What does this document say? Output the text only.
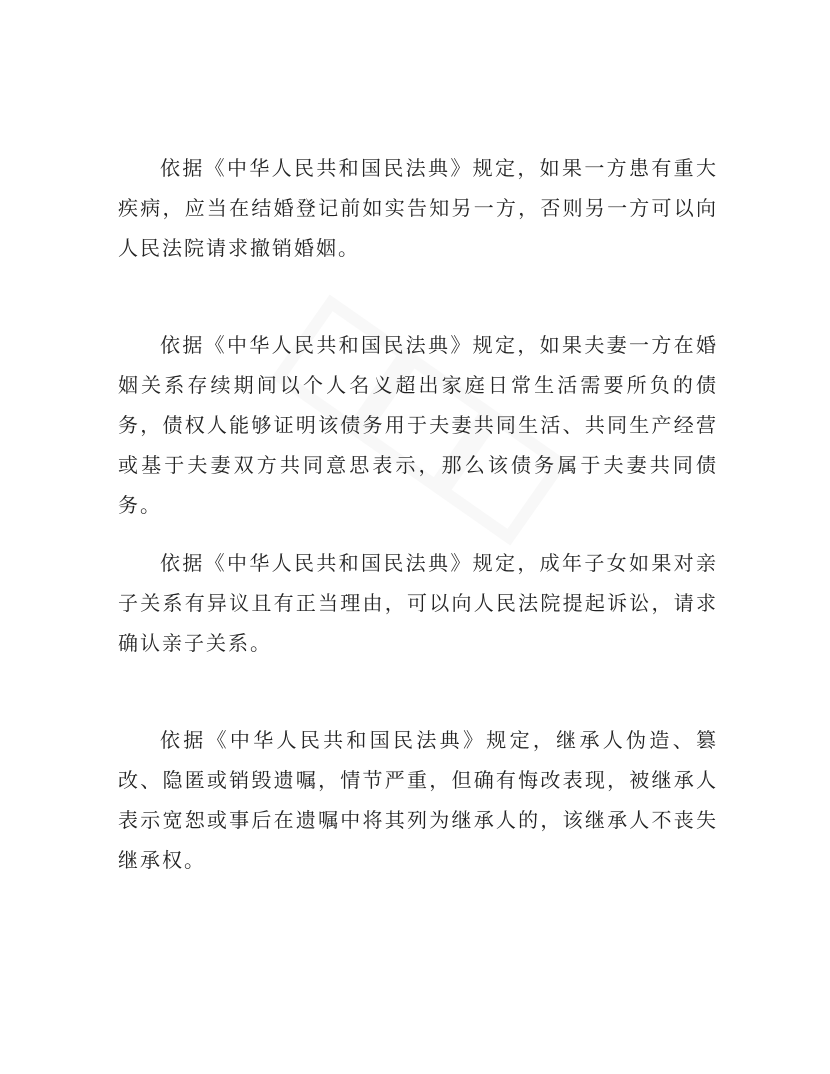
依据《中华人民共和国民法典》规定，如果一方患有重大疾病，应当在结婚登记前如实告知另一方，否则另一方可以向人民法院请求撤销婚姻。

依据《中华人民共和国民法典》规定，如果夫妻一方在婚姻关系存续期间以个人名义超出家庭日常生活需要所负的债务，债权人能够证明该债务用于夫妻共同生活、共同生产经营或基于夫妻双方共同意思表示，那么该债务属于夫妻共同债务。

依据《中华人民共和国民法典》规定，成年子女如果对亲子关系有异议且有正当理由，可以向人民法院提起诉讼，请求确认亲子关系。

依据《中华人民共和国民法典》规定，继承人伪造、篡改、隐匿或销毁遗嘱，情节严重，但确有悔改表现，被继承人表示宽恕或事后在遗嘱中将其列为继承人的，该继承人不丧失继承权。
